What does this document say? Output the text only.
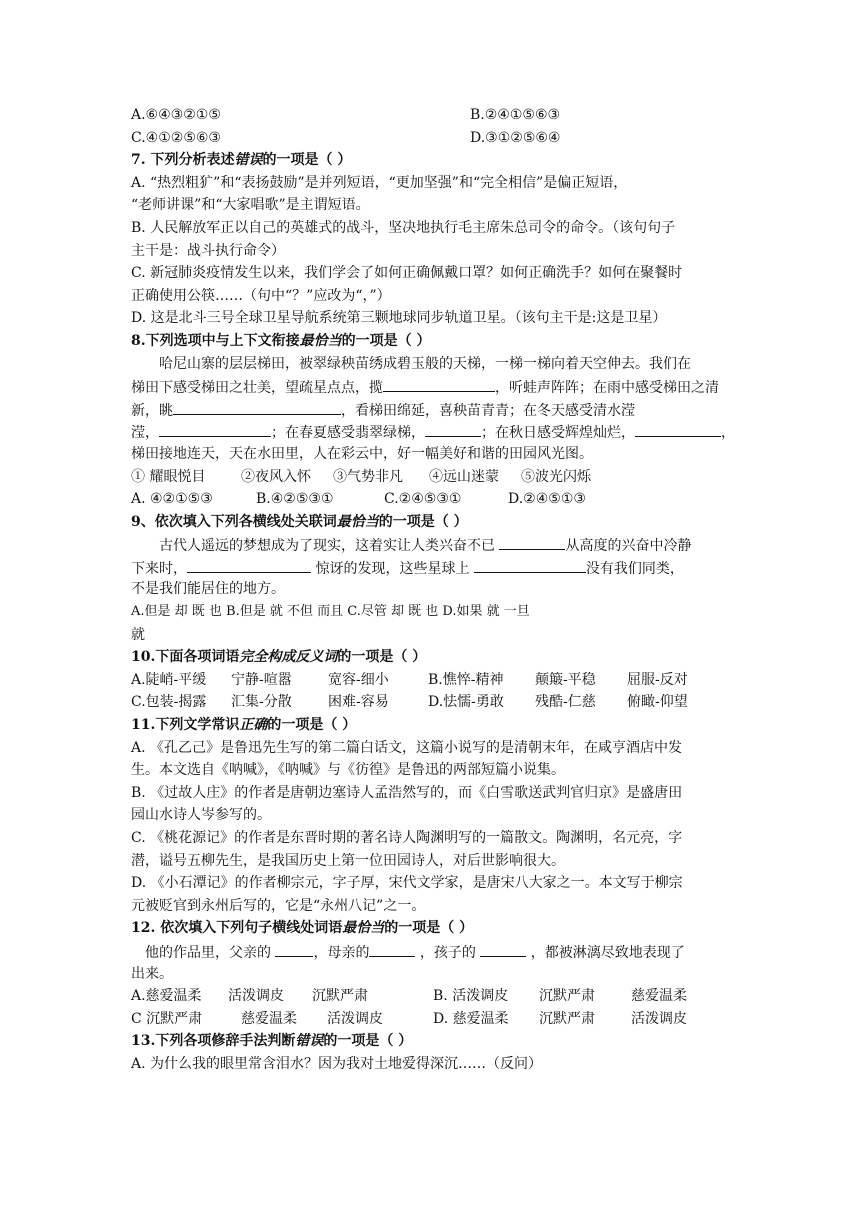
A.⑥④③②①⑤	B.②④①⑤⑥③
C.④①②⑤⑥③	D.③①②⑤⑥④
7. 下列分析表述错误的一项是（ ）
A. “热烈粗犷”和“表扬鼓励”是并列短语，“更加坚强”和“完全相信”是偏正短语，
“老师讲课”和“大家唱歌”是主谓短语。
B. 人民解放军正以自己的英雄式的战斗，坚决地执行毛主席朱总司令的命令。（该句句子
主干是：战斗执行命令）
C. 新冠肺炎疫情发生以来，我们学会了如何正确佩戴口罩？如何正确洗手？如何在聚餐时
正确使用公筷……（句中“？”应改为“，”）
D. 这是北斗三号全球卫星导航系统第三颗地球同步轨道卫星。（该句主干是:这是卫星）
8.下列选项中与上下文衔接最恰当的一项是（ ）
哈尼山寨的层层梯田，被翠绿秧苗绣成碧玉般的天梯，一梯一梯向着天空伸去。我们在
梯田下感受梯田之壮美，望疏星点点，揽	，听蛙声阵阵；在雨中感受梯田之清
新，眺	，看梯田绵延，喜秧苗青青；在冬天感受清水滢
滢，	；在春夏感受翡翠绿梯，	；在秋日感受辉煌灿烂，	，
梯田接地连天，天在水田里，人在彩云中，好一幅美好和谐的田园风光图。
① 耀眼悦目	②夜风入怀 ③气势非凡 ④远山迷蒙 ⑤波光闪烁
A. ④②①⑤③	B.④②⑤③①	C.②④⑤③①	D.②④⑤①③
9、依次填入下列各横线处关联词最恰当的一项是（ ）
古代人遥远的梦想成为了现实，这着实让人类兴奋不已	从高度的兴奋中冷静
下来时，	惊讶的发现，这些星球上	没有我们同类，
不是我们能居住的地方。
A.但是 却 既 也 B.但是 就 不但 而且 C.尽管 却 既 也 D.如果 就 一旦
就
10.下面各项词语完全构成反义词的一项是（ ）
A.陡峭-平缓 宁静-喧嚣	宽容-细小	B.憔悴-精神 颠簸-平稳 屈服-反对
C.包装-揭露 汇集-分散	困难-容易	D.怯懦-勇敢 残酷-仁慈 俯瞰-仰望
11.下列文学常识正确的一项是（ ）
A. 《孔乙己》是鲁迅先生写的第二篇白话文，这篇小说写的是清朝末年，在咸亨酒店中发
生。本文选自《呐喊》，《呐喊》与《彷徨》是鲁迅的两部短篇小说集。
B. 《过故人庄》的作者是唐朝边塞诗人孟浩然写的，而《白雪歌送武判官归京》是盛唐田
园山水诗人岑参写的。
C. 《桃花源记》的作者是东晋时期的著名诗人陶渊明写的一篇散文。陶渊明，名元亮，字
潜，谥号五柳先生，是我国历史上第一位田园诗人，对后世影响很大。
D. 《小石潭记》的作者柳宗元，字子厚，宋代文学家，是唐宋八大家之一。本文写于柳宗
元被贬官到永州后写的，它是“永州八记”之一。
12. 依次填入下列句子横线处词语最恰当的一项是（ ）
他的作品里，父亲的	，母亲的	，孩子的	，都被淋漓尽致地表现了
出来。
A.慈爱温柔 活泼调皮 沉默严肃	B. 活泼调皮 沉默严肃	慈爱温柔
C 沉默严肃	慈爱温柔 活泼调皮	D. 慈爱温柔 沉默严肃	活泼调皮
13.下列各项修辞手法判断错误的一项是（ ）
A. 为什么我的眼里常含泪水？因为我对土地爱得深沉……（反问）
